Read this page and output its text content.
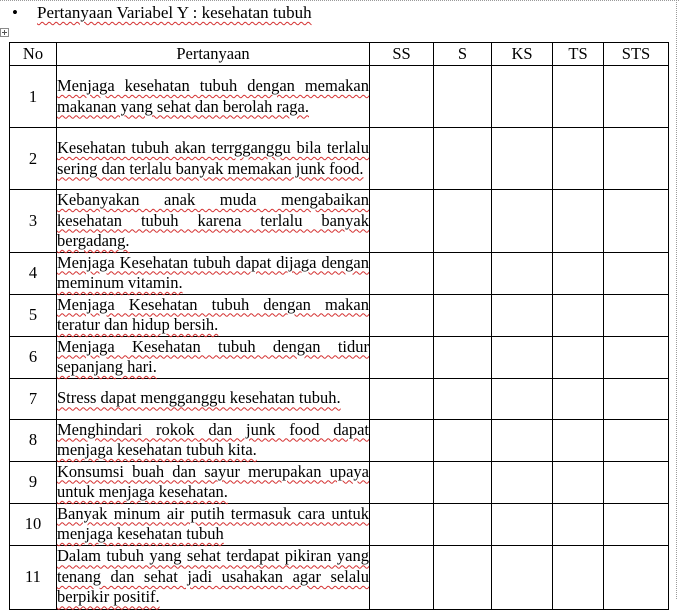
• Pertanyaan Variabel Y : kesehatan tubuh
No	Pertanyaan	SS	S	KS	TS	STS
1	Menjaga kesehatan tubuh dengan memakan makanan yang sehat dan berolah raga.					
2	Kesehatan tubuh akan terrgganggu bila terlalu sering dan terlalu banyak memakan junk food.					
3	Kebanyakan anak muda mengabaikan kesehatan tubuh karena terlalu banyak bergadang.					
4	Menjaga Kesehatan tubuh dapat dijaga dengan meminum vitamin.					
5	Menjaga Kesehatan tubuh dengan makan teratur dan hidup bersih.					
6	Menjaga Kesehatan tubuh dengan tidur sepanjang hari.					
7	Stress dapat mengganggu kesehatan tubuh.					
8	Menghindari rokok dan junk food dapat menjaga kesehatan tubuh kita.					
9	Konsumsi buah dan sayur merupakan upaya untuk menjaga kesehatan.					
10	Banyak minum air putih termasuk cara untuk menjaga kesehatan tubuh					
11	Dalam tubuh yang sehat terdapat pikiran yang tenang dan sehat jadi usahakan agar selalu berpikir positif.					
